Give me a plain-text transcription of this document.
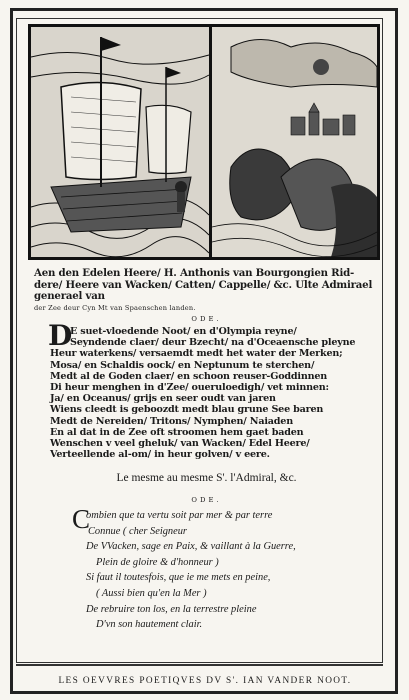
Aen den Edelen Heere/ H. Anthonis van Bourgongien Rid-
dere/ Heere van Wacken/ Catten/ Cappelle/ &c. Ulte Admirael generael van
der Zee deur Cyn Mt van Spaenschen landen.
ODE.
D
E suet-vloedende Noot/ en d'Olympia reyne/
Seyndende claer/ deur Bzecht/ na d'Oceaensche pleyne
Heur waterkens/ versaemdt medt het water der Merken;
Mosa/ en Schaldis oock/ en Neptunum te sterchen/
Medt al de Goden claer/ en schoon reuser-Goddinnen
Di heur menghen in d'Zee/ oueruloedigh/ vet minnen:
Ja/ en Oceanus/ grijs en seer oudt van jaren
Wiens cleedt is geboozdt medt blau grune See baren
Medt de Nereiden/ Tritons/ Nymphen/ Naiaden
En al dat in de Zee oft stroomen hem gaet baden
Wenschen v veel gheluk/ van Wacken/ Edel Heere/
Verteellende al-om/ in heur golven/ v eere.
Le mesme au mesme S'. l'Admiral, &c.
ODE.
C
ombien que ta vertu soit par mer & par terre
Connue ( cher Seigneur
De VVacken, sage en Paix, & vaillant à la Guerre,
Plein de gloire & d'honneur )
Si faut il toutesfois, que ie me mets en peine,
( Aussi bien qu'en la Mer )
De rebruire ton los, en la terrestre pleine
D'vn son hautement clair.
LES OEVVRES POETIQVES DV S'. IAN VANDER NOOT.
